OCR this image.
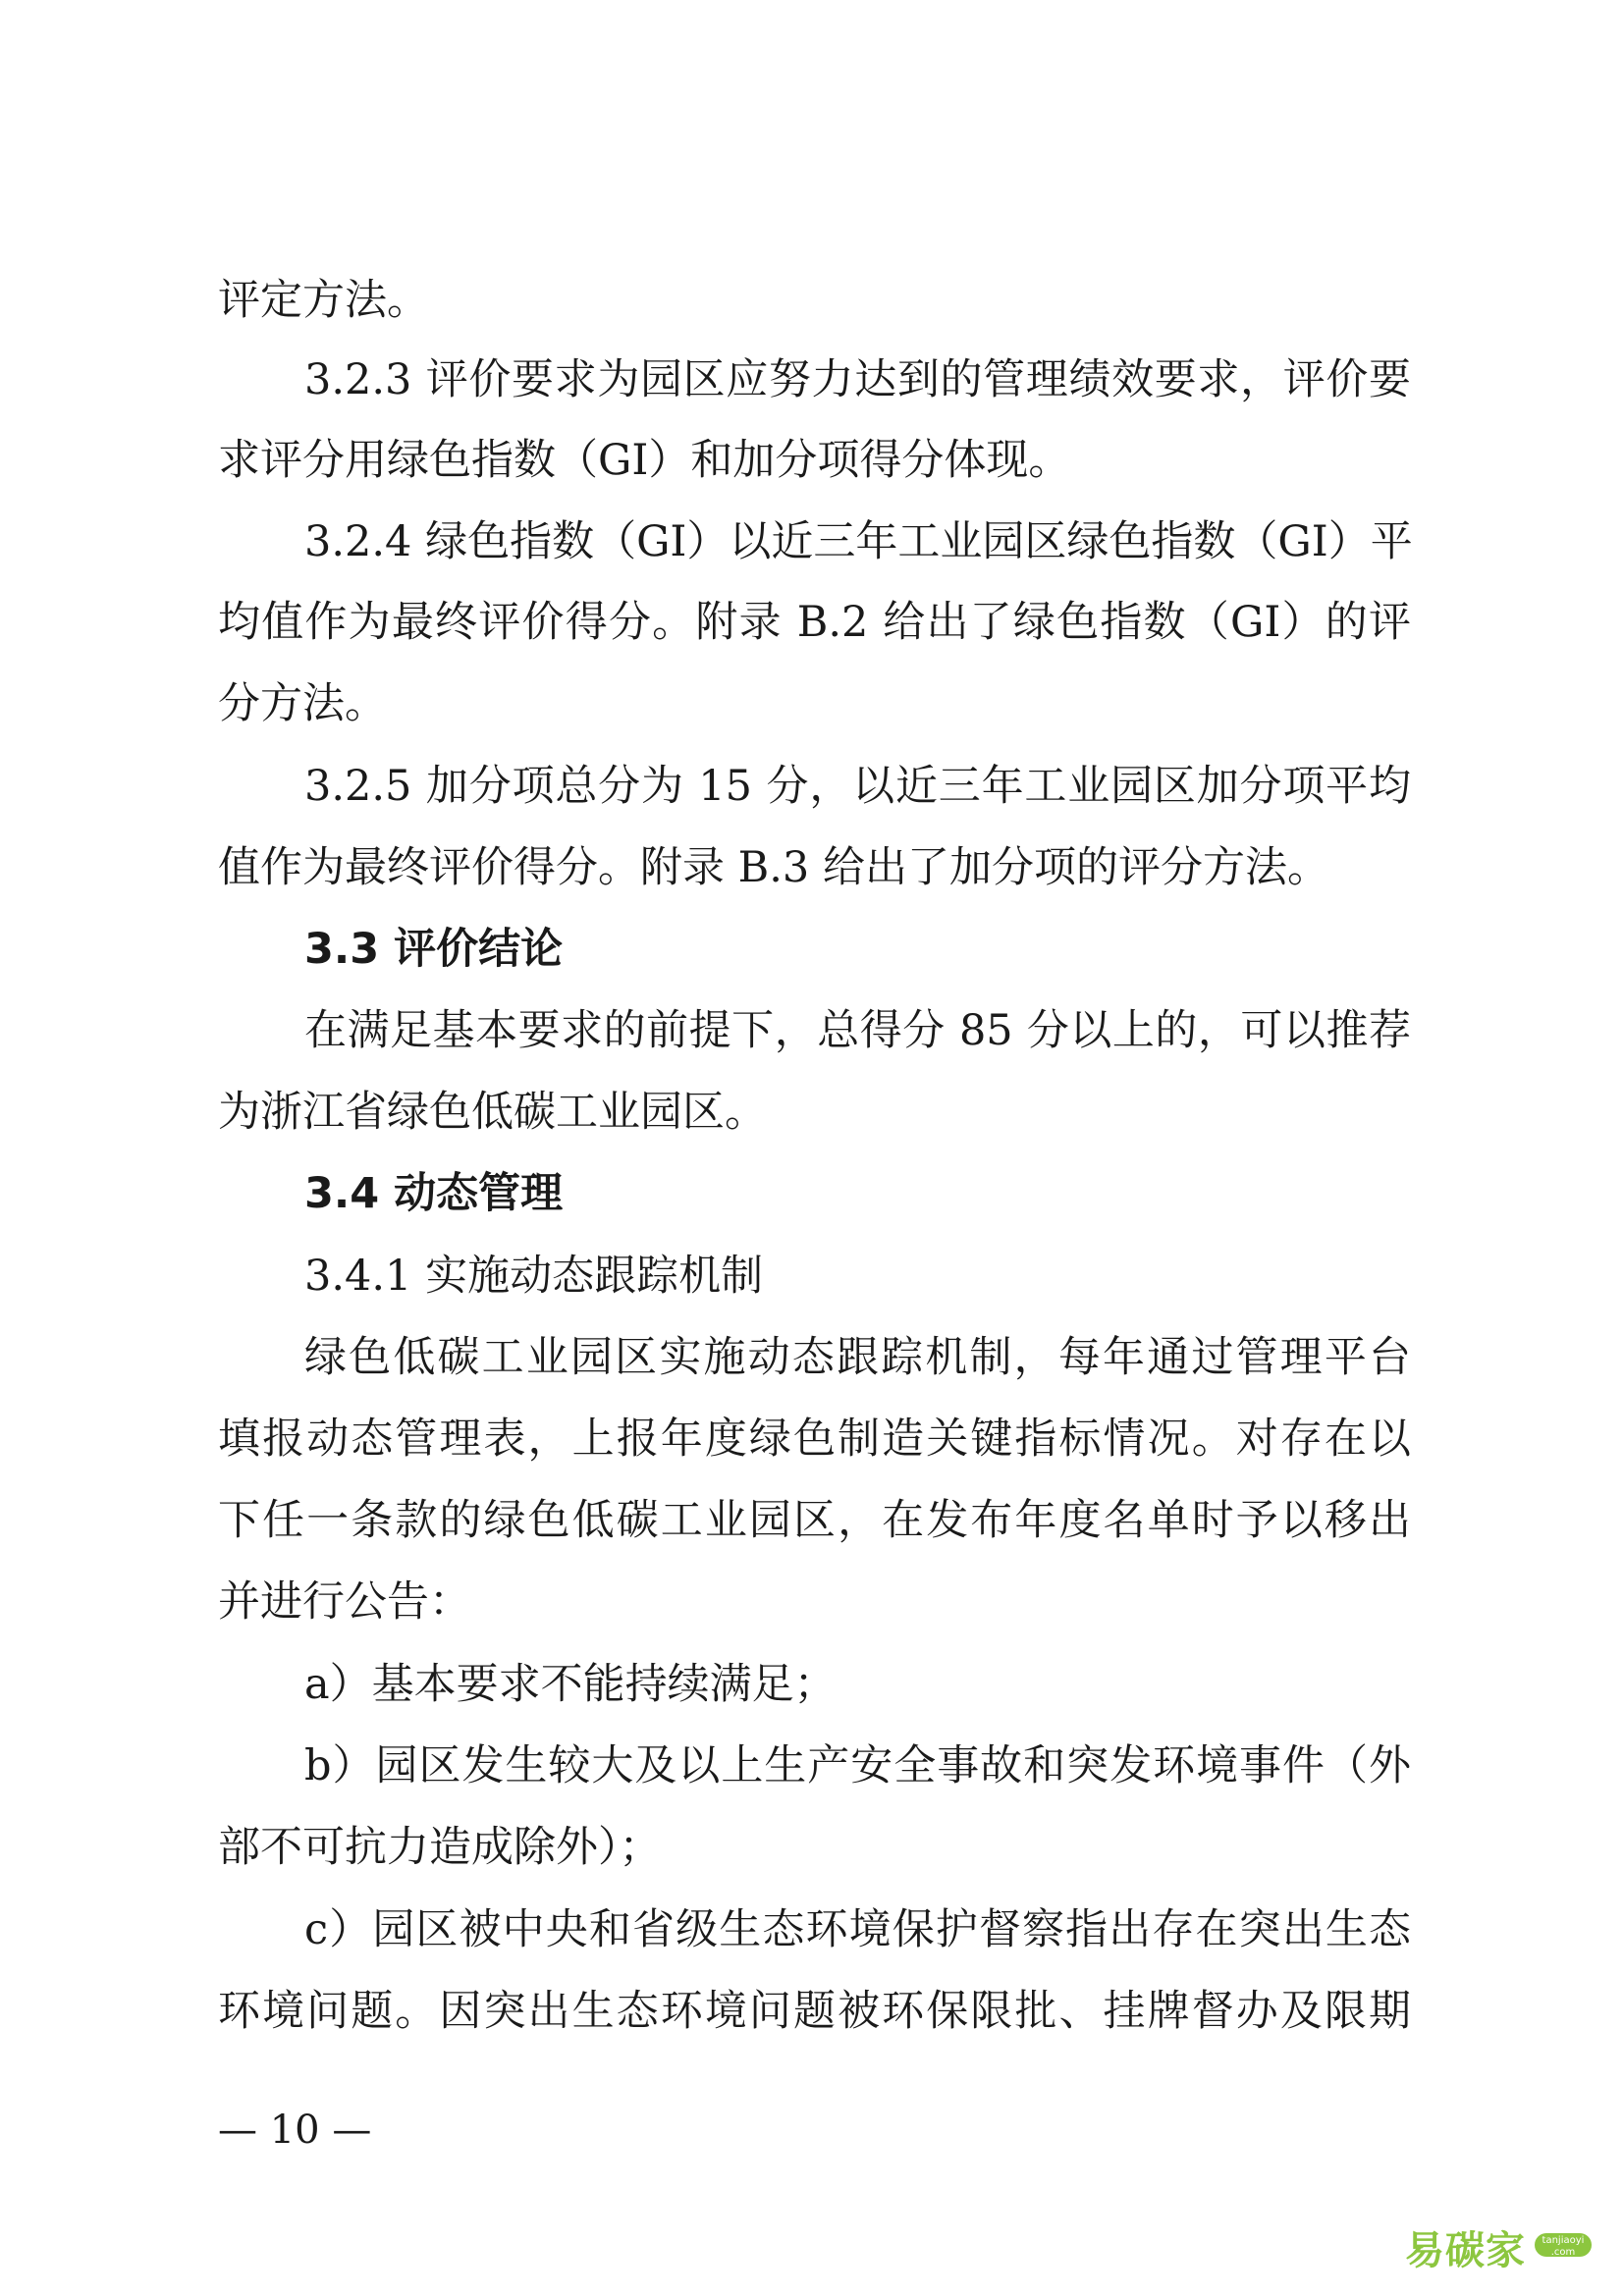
评定方法。
3.2.3 评价要求为园区应努力达到的管理绩效要求，评价要
求评分用绿色指数（GI）和加分项得分体现。
3.2.4 绿色指数（GI）以近三年工业园区绿色指数（GI）平
均值作为最终评价得分。附录 B.2 给出了绿色指数（GI）的评
分方法。
3.2.5 加分项总分为 15 分，以近三年工业园区加分项平均
值作为最终评价得分。附录 B.3 给出了加分项的评分方法。
3.3 评价结论
在满足基本要求的前提下，总得分 85 分以上的，可以推荐
为浙江省绿色低碳工业园区。
3.4 动态管理
3.4.1 实施动态跟踪机制
绿色低碳工业园区实施动态跟踪机制，每年通过管理平台
填报动态管理表，上报年度绿色制造关键指标情况。对存在以
下任一条款的绿色低碳工业园区，在发布年度名单时予以移出
并进行公告：
a）基本要求不能持续满足；
b）园区发生较大及以上生产安全事故和突发环境事件（外
部不可抗力造成除外）；
c）园区被中央和省级生态环境保护督察指出存在突出生态
环境问题。因突出生态环境问题被环保限批、挂牌督办及限期
— 10 —
易碳家	tanjiaoyi .com
